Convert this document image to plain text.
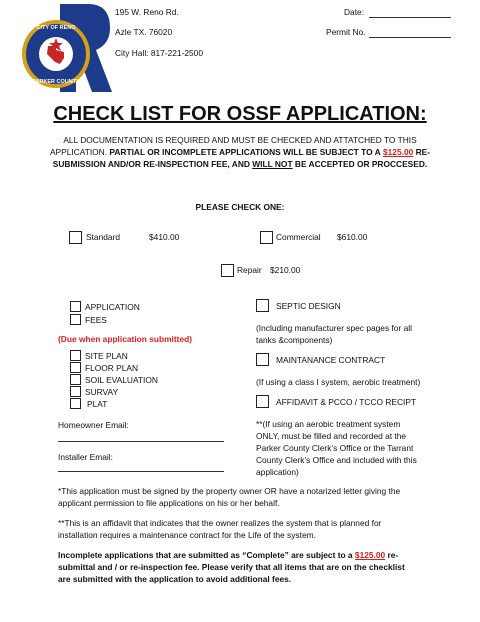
CITY OF RENO
PARKER COUNTY
195 W. Reno Rd.
Azle TX. 76020
City Hall: 817-221-2500
Date:
Permit No.
CHECK LIST FOR OSSF APPLICATION:
ALL DOCUMENTATION IS REQUIRED AND MUST BE CHECKED AND ATTATCHED TO THIS
APPLICATION. PARTIAL OR INCOMPLETE APPLICATIONS WILL BE SUBJECT TO A $125.00 RE-
SUBMISSION AND/OR RE-INSPECTION FEE, AND WILL NOT BE ACCEPTED OR PROCCESED.
PLEASE CHECK ONE:
Standard	$410.00	Commercial $610.00
Repair $210.00
APPLICATION
FEES
(Due when application submitted)
SITE PLAN
FLOOR PLAN
SOIL EVALUATION
SURVAY
PLAT
Homeowner Email:
Installer Email:
SEPTIC DESIGN
(Including manufacturer spec pages for all
tanks &components)
MAINTANANCE CONTRACT
(If using a class I system, aerobic treatment)
AFFIDAVIT & PCCO / TCCO RECIPT
**(If using an aerobic treatment system
ONLY, must be filled and recorded at the
Parker County Clerk’s Office or the Tarrant
County Clerk’s Office and included with this
application)
*This application must be signed by the property owner OR have a notarized letter giving the
applicant permission to file applications on his or her behalf.
**This is an affidavit that indicates that the owner realizes the system that is planned for
installation requires a maintenance contract for the Life of the system.
Incomplete applications that are submitted as “Complete” are subject to a $125.00 re-
submittal and / or re-inspection fee. Please verify that all items that are on the checklist
are submitted with the application to avoid additional fees.
